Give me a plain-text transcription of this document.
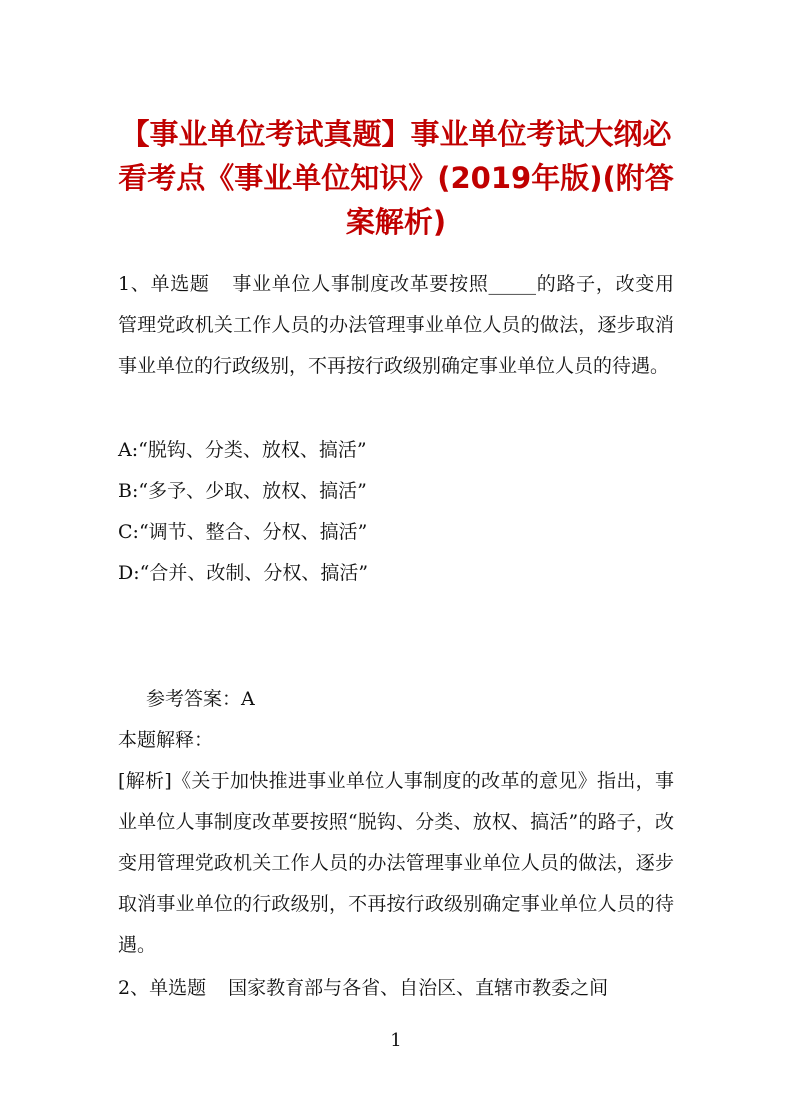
【事业单位考试真题】事业单位考试大纲必看考点《事业单位知识》(2019年版)(附答案解析)
1、单选题 事业单位人事制度改革要按照_____的路子，改变用管理党政机关工作人员的办法管理事业单位人员的做法，逐步取消事业单位的行政级别，不再按行政级别确定事业单位人员的待遇。
A:“脱钩、分类、放权、搞活”
B:“多予、少取、放权、搞活”
C:“调节、整合、分权、搞活”
D:“合并、改制、分权、搞活”
参考答案：A
本题解释：
[解析]《关于加快推进事业单位人事制度的改革的意见》指出，事业单位人事制度改革要按照“脱钩、分类、放权、搞活”的路子，改变用管理党政机关工作人员的办法管理事业单位人员的做法，逐步取消事业单位的行政级别，不再按行政级别确定事业单位人员的待遇。
2、单选题 国家教育部与各省、自治区、直辖市教委之间
1
